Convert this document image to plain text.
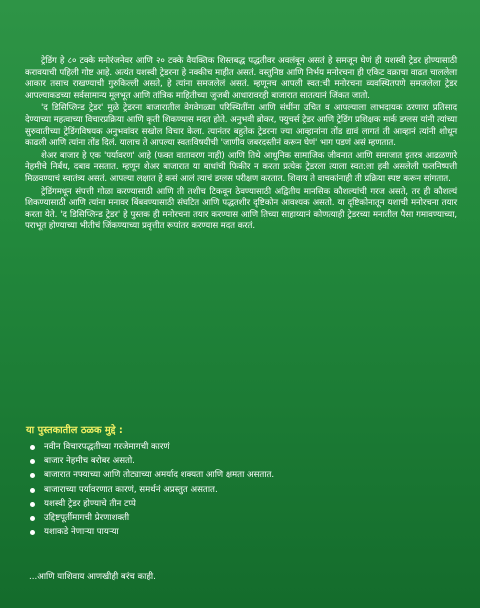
ट्रेडिंग हे ८० टक्के मनोरंजनेवर आणि २० टक्के वैयक्तिक शिस्तबद्ध पद्धतीवर अवलंबून असतं हे समजून घेणं ही यशस्वी ट्रेडर होण्यासाठी करावयाची पहिली गोष्ट आहे. अत्यंत यशस्वी ट्रेडरना हे नक्कीच माहीत असतं. वस्तुनिष्ठ आणि निर्भय मनोरचना ही एकिट वक्राचा वाढत चाललेला आकार तसाच राखण्याची गुरुकिल्ली असते, हे त्यांना समजलेलं असतं. म्हणूनच आपली स्वत:ची मनोरचना व्यवस्थितपणे समजलेला ट्रेडर आपल्याकडच्या सर्वसामान्य मूलभूत आणि तांत्रिक माहितीच्या जुजबी आधारावरही बाजारात सातत्यानं जिंकत जातो.

'द डिसिप्लिन्ड ट्रेडर' मुळे ट्रेडरना बाजारातील वेगवेगळ्या परिस्थितींना आणि संधींना उचित व आपल्याला लाभदायक ठरणारा प्रतिसाद देण्याच्या महत्वाच्या विचारप्रक्रिया आणि कृती शिकण्यास मदत होते. अनुभवी ब्रोकर, फ्युचर्स ट्रेडर आणि ट्रेडिंग प्रशिक्षक मार्क डग्लस यांनी त्यांच्या सुरुवातीच्या ट्रेडिंगविषयक अनुभवांवर सखोल विचार केला. त्यानंतर बहुतेक ट्रेडरना ज्या आव्हानांना तोंड द्यावं लागतं ती आव्हानं त्यांनी शोधून काढली आणि त्यांना तोंड दिलं. यालाच ते आपल्या स्वतःविषयीची 'जाणीव जबरदस्तीनं करून घेणं' भाग पडणं असं म्हणतात.

शेअर बाजार हे एक 'पर्यावरण' आहे (फक्त वातावरण नाही) आणि तिथे आधुनिक सामाजिक जीवनात आणि समाजात इतरत्र आढळणारे नेहमीचे निर्बंध, दबाव नसतात. म्हणून शेअर बाजारात या बाधांची फिकीर न करता प्रत्येक ट्रेडरला त्याला स्वत:ला हवी असलेली फलनिष्पत्ती मिळवण्याचं स्वातंत्र्य असतं. आपल्या लक्षात हे कसं आलं त्याचं डग्लस परीक्षण करतात. शिवाय ते वाचकांनाही ती प्रक्रिया स्पष्ट करून सांगतात.

ट्रेडिंगमधून संपत्ती गोळा करण्यासाठी आणि ती तशीच टिकवून ठेवण्यासाठी अद्वितीय मानसिक कौशल्यांची गरज असते, तर ही कौशल्यं शिकण्यासाठी आणि त्यांना मनावर बिंबवण्यासाठी संघटित आणि पद्धतशीर दृष्टिकोन आवश्यक असतो. या दृष्टिकोनातून यशाची मनोरचना तयार करता येते. 'द डिसिप्लिन्ड ट्रेडर' हे पुस्तक ही मनोरचना तयार करण्यास आणि तिच्या साहाय्यानं कोणत्याही ट्रेडरच्या मनातील पैसा गमावण्याच्या, पराभूत होण्याच्या भीतीचं जिंकण्याच्या प्रवृत्तीत रूपांतर करण्यास मदत करतं.

या पुस्तकातील ठळक मुद्दे :
नवीन विचारपद्धतीच्या गरजेमागची कारणं
बाजार नेहमीच बरोबर असतो.
बाजारात नफ्याच्या आणि तोट्याच्या अमर्याद शक्यता आणि क्षमता असतात.
बाजाराच्या पर्यावरणात कारणं, समर्थनं अप्रस्तुत असतात.
यशस्वी ट्रेडर होण्याचे तीन टप्पे
उद्दिष्टपूर्तीमागची प्रेरणाशक्ती
यशाकडे नेणाऱ्या पायऱ्या
...आणि याशिवाय आणखीही बरंच काही.
